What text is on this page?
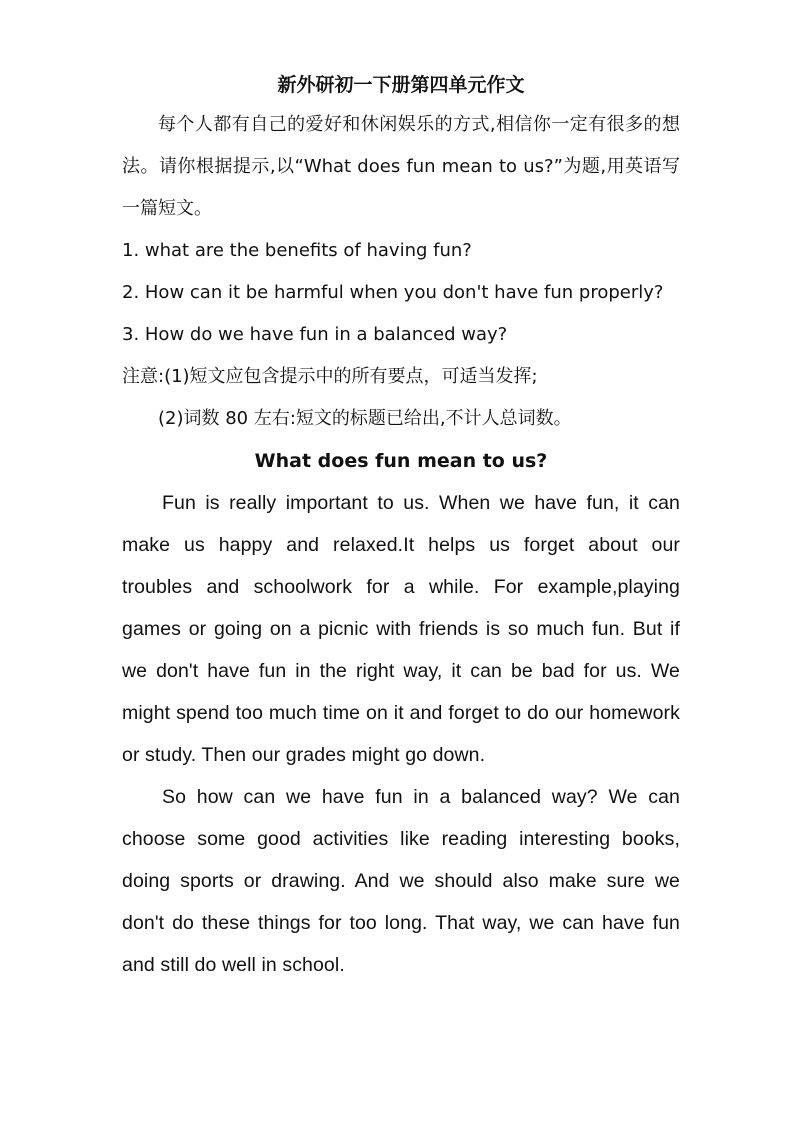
新外研初一下册第四单元作文

每个人都有自己的爱好和休闲娱乐的方式,相信你一定有很多的想法。请你根据提示,以“What does fun mean to us?”为题,用英语写一篇短文。

1. what are the benefits of having fun?

2. How can it be harmful when you don't have fun properly?

3. How do we have fun in a balanced way?

注意:(1)短文应包含提示中的所有要点，可适当发挥;

(2)词数 80 左右:短文的标题已给出,不计人总词数。

What does fun mean to us?

Fun is really important to us. When we have fun, it can make us happy and relaxed.It helps us forget about our troubles and schoolwork for a while. For example,playing games or going on a picnic with friends is so much fun. But if we don't have fun in the right way, it can be bad for us. We might spend too much time on it and forget to do our homework or study. Then our grades might go down.

So how can we have fun in a balanced way? We can choose some good activities like reading interesting books, doing sports or drawing. And we should also make sure we don't do these things for too long. That way, we can have fun and still do well in school.
